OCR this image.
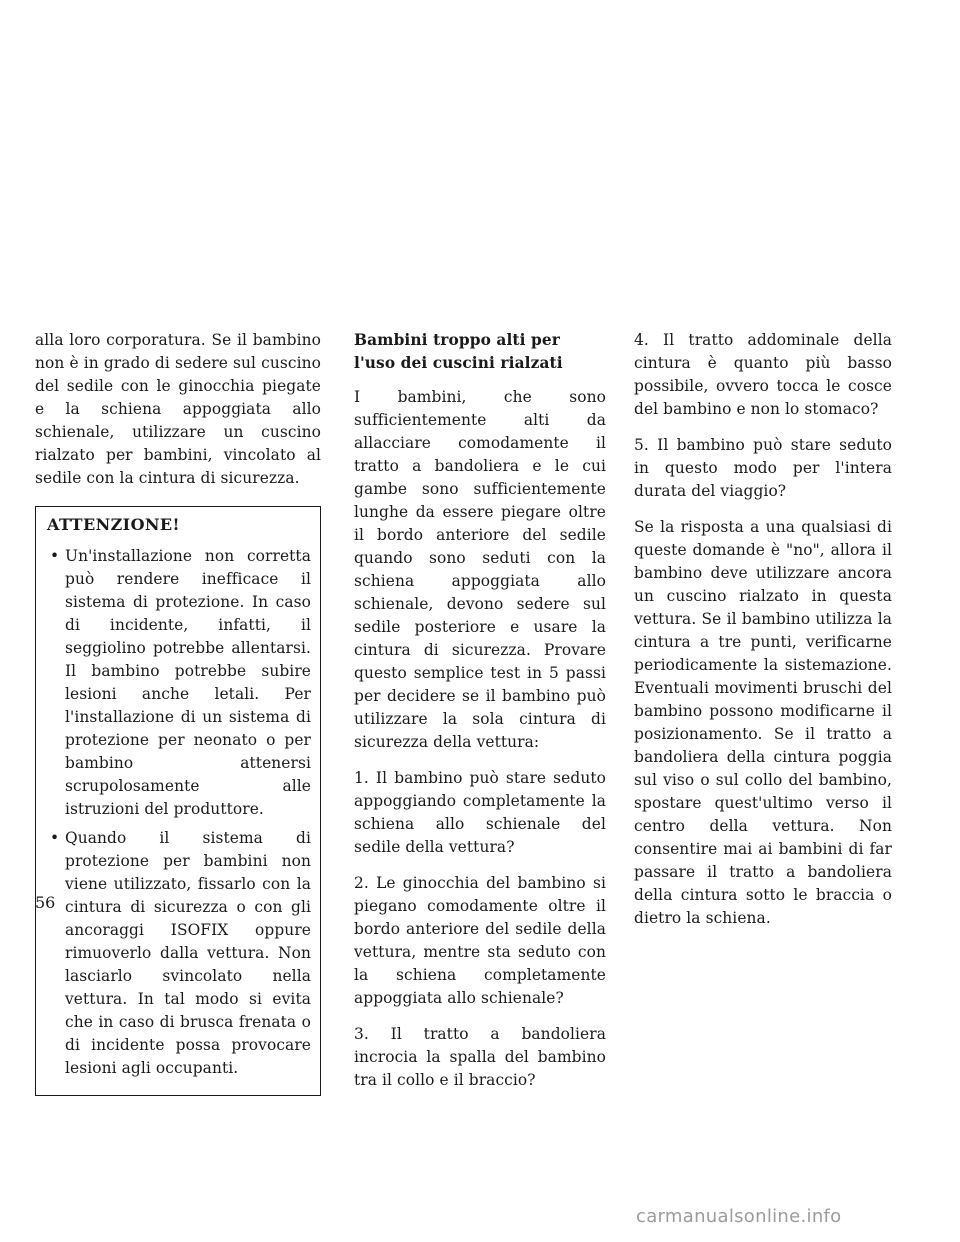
alla loro corporatura. Se il bambino non è in grado di sedere sul cuscino del sedile con le ginocchia piegate e la schiena appoggiata allo schienale, utilizzare un cuscino rialzato per bambini, vincolato al sedile con la cintura di sicurezza.

ATTENZIONE!
• Un'installazione non corretta può rendere inefficace il sistema di protezione. In caso di incidente, infatti, il seggiolino potrebbe allentarsi. Il bambino potrebbe subire lesioni anche letali. Per l'installazione di un sistema di protezione per neonato o per bambino attenersi scrupolosamente alle istruzioni del produttore.
• Quando il sistema di protezione per bambini non viene utilizzato, fissarlo con la cintura di sicurezza o con gli ancoraggi ISOFIX oppure rimuoverlo dalla vettura. Non lasciarlo svincolato nella vettura. In tal modo si evita che in caso di brusca frenata o di incidente possa provocare lesioni agli occupanti.
Bambini troppo alti per l'uso dei cuscini rialzati

I bambini, che sono sufficientemente alti da allacciare comodamente il tratto a bandoliera e le cui gambe sono sufficientemente lunghe da essere piegare oltre il bordo anteriore del sedile quando sono seduti con la schiena appoggiata allo schienale, devono sedere sul sedile posteriore e usare la cintura di sicurezza. Provare questo semplice test in 5 passi per decidere se il bambino può utilizzare la sola cintura di sicurezza della vettura:

1. Il bambino può stare seduto appoggiando completamente la schiena allo schienale del sedile della vettura?

2. Le ginocchia del bambino si piegano comodamente oltre il bordo anteriore del sedile della vettura, mentre sta seduto con la schiena completamente appoggiata allo schienale?

3. Il tratto a bandoliera incrocia la spalla del bambino tra il collo e il braccio?

4. Il tratto addominale della cintura è quanto più basso possibile, ovvero tocca le cosce del bambino e non lo stomaco?

5. Il bambino può stare seduto in questo modo per l'intera durata del viaggio?

Se la risposta a una qualsiasi di queste domande è "no", allora il bambino deve utilizzare ancora un cuscino rialzato in questa vettura. Se il bambino utilizza la cintura a tre punti, verificarne periodicamente la sistemazione. Eventuali movimenti bruschi del bambino possono modificarne il posizionamento. Se il tratto a bandoliera della cintura poggia sul viso o sul collo del bambino, spostare quest'ultimo verso il centro della vettura. Non consentire mai ai bambini di far passare il tratto a bandoliera della cintura sotto le braccia o dietro la schiena.

56
carmanualsonline.info
